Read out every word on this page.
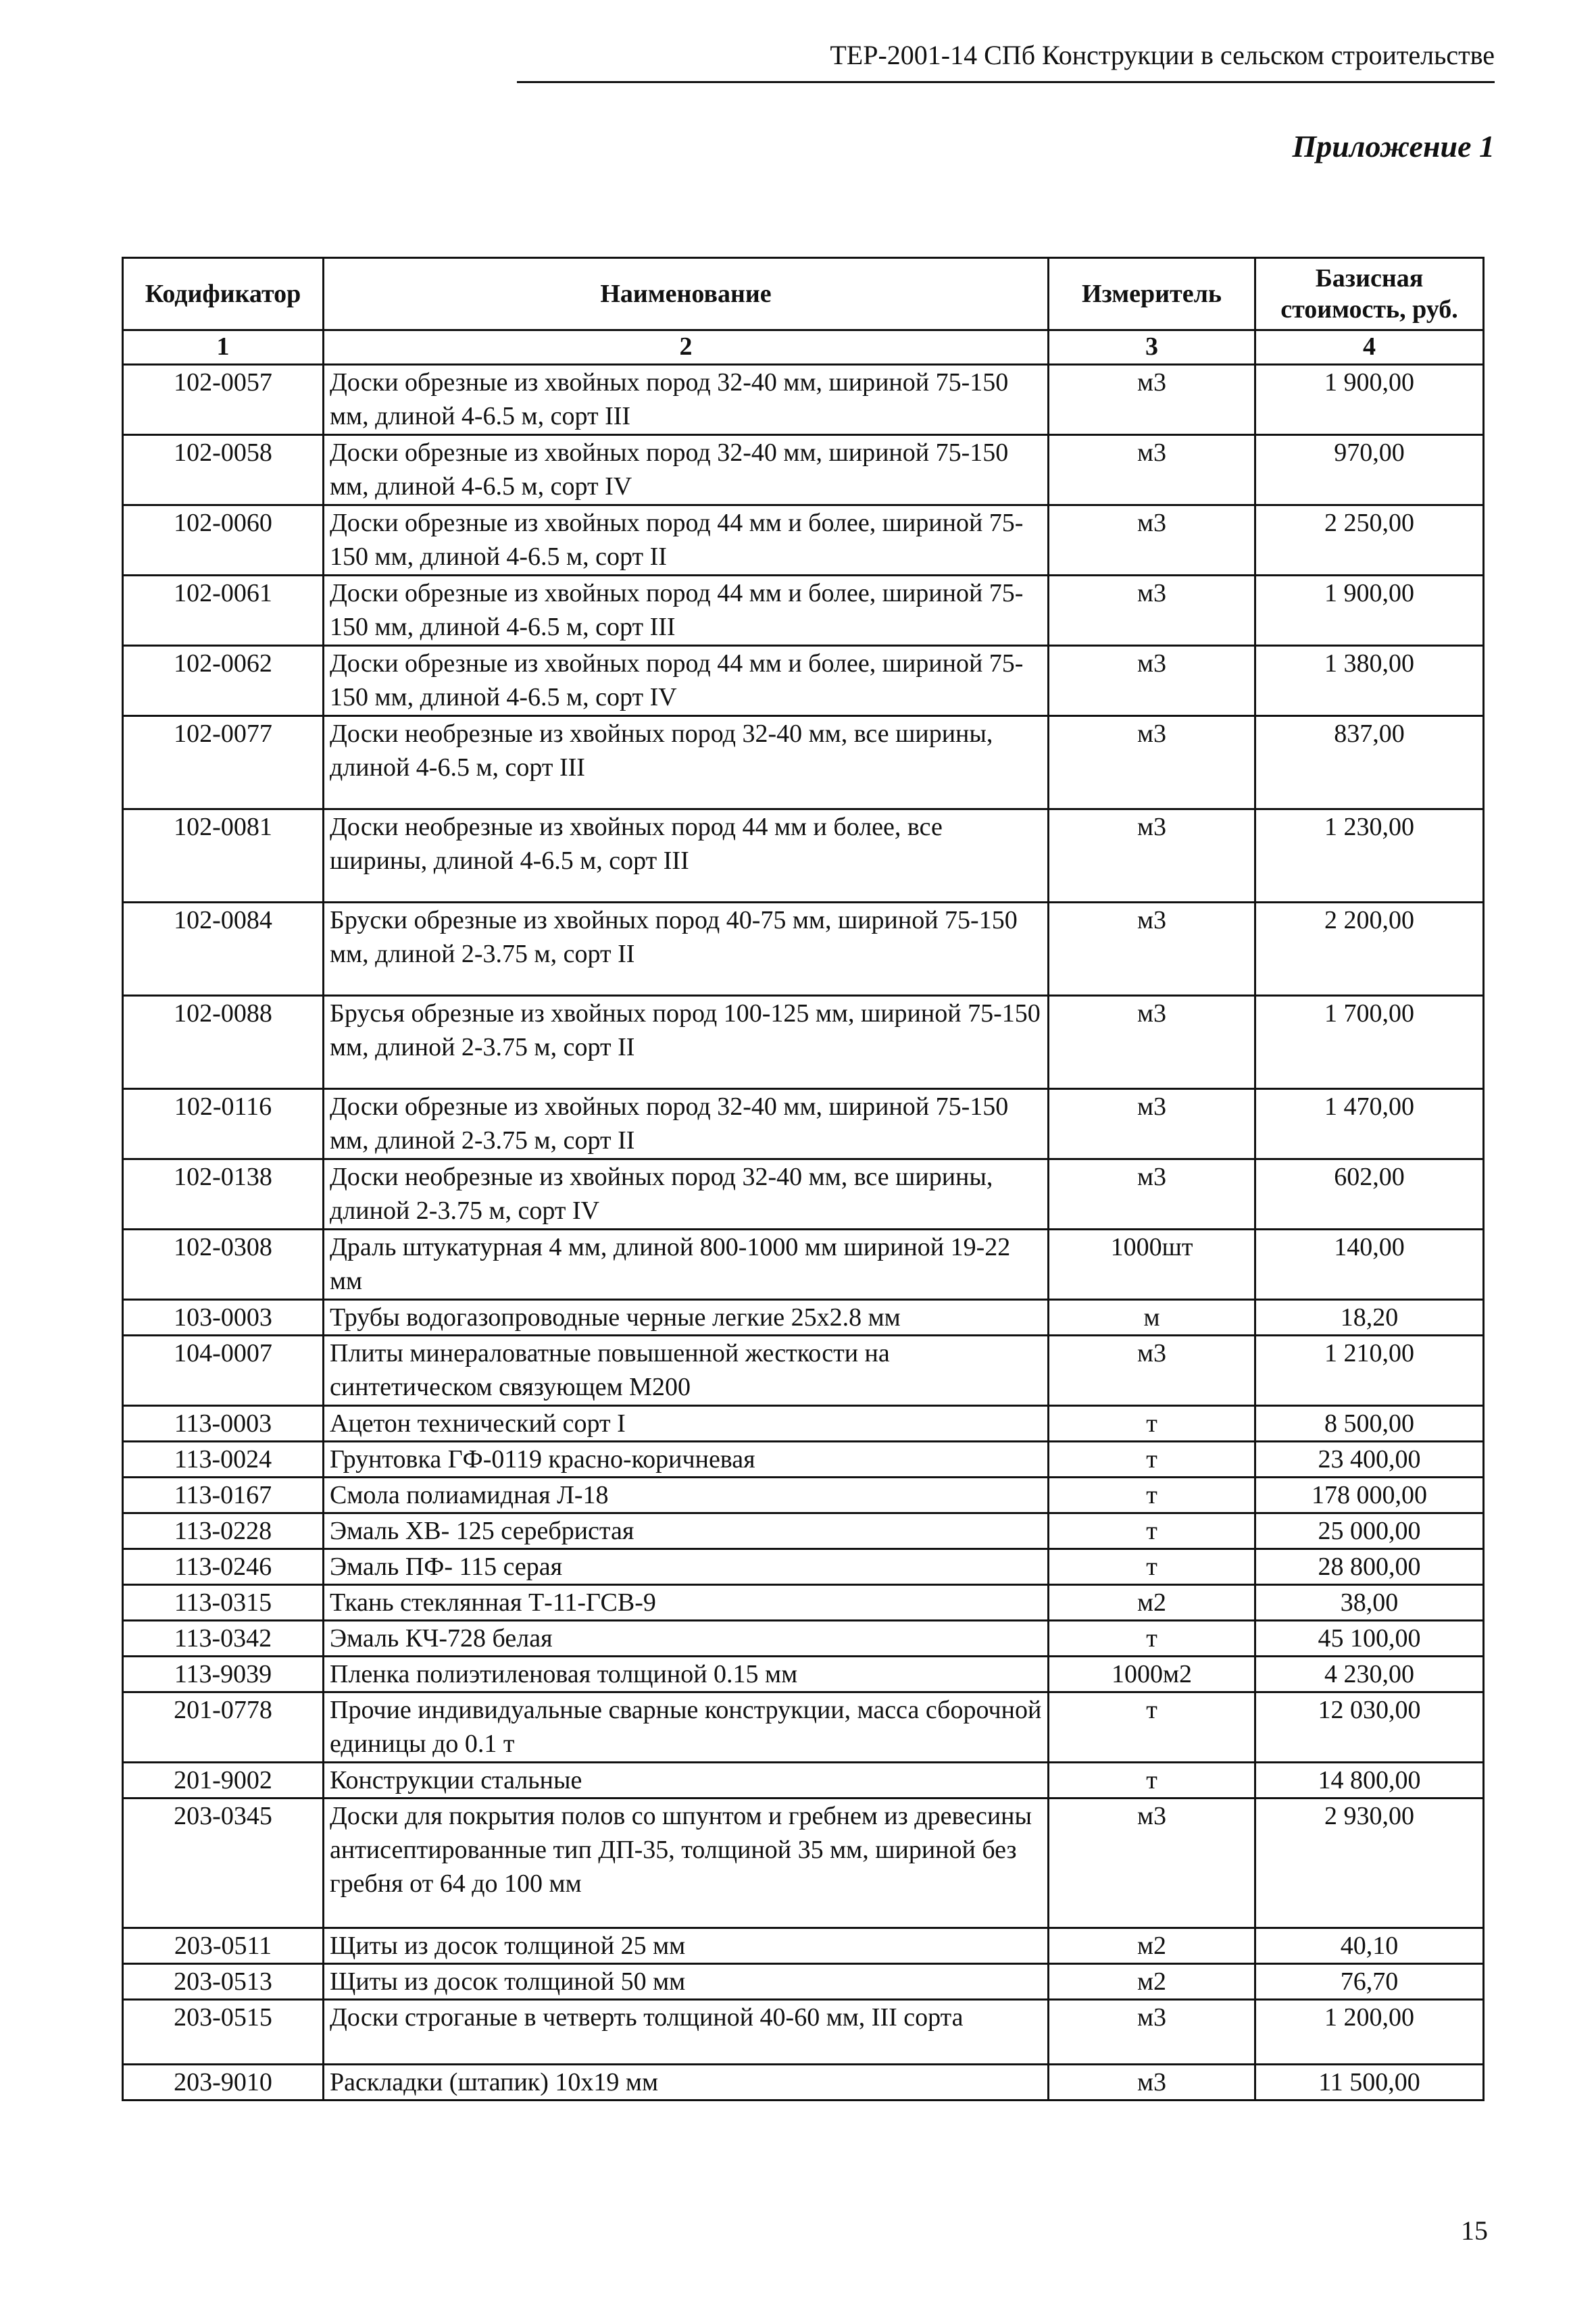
ТЕР-2001-14 СПб Конструкции в сельском строительстве
Приложение 1
Кодификатор	Наименование	Измеритель	Базисная стоимость, руб.
1	2	3	4
102-0057	Доски обрезные из хвойных пород 32-40 мм, шириной 75-150 мм, длиной 4-6.5 м, сорт III	м3	1 900,00
102-0058	Доски обрезные из хвойных пород 32-40 мм, шириной 75-150 мм, длиной 4-6.5 м, сорт IV	м3	970,00
102-0060	Доски обрезные из хвойных пород 44 мм и более, шириной 75-150 мм, длиной 4-6.5 м, сорт II	м3	2 250,00
102-0061	Доски обрезные из хвойных пород 44 мм и более, шириной 75-150 мм, длиной 4-6.5 м, сорт III	м3	1 900,00
102-0062	Доски обрезные из хвойных пород 44 мм и более, шириной 75-150 мм, длиной 4-6.5 м, сорт IV	м3	1 380,00
102-0077	Доски необрезные из хвойных пород 32-40 мм, все ширины, длиной 4-6.5 м, сорт III	м3	837,00
102-0081	Доски необрезные из хвойных пород 44 мм и более, все ширины, длиной 4-6.5 м, сорт III	м3	1 230,00
102-0084	Бруски обрезные из хвойных пород 40-75 мм, шириной 75-150 мм, длиной 2-3.75 м, сорт II	м3	2 200,00
102-0088	Брусья обрезные из хвойных пород 100-125 мм, шириной 75-150 мм, длиной 2-3.75 м, сорт II	м3	1 700,00
102-0116	Доски обрезные из хвойных пород 32-40 мм, шириной 75-150 мм, длиной 2-3.75 м, сорт II	м3	1 470,00
102-0138	Доски необрезные из хвойных пород 32-40 мм, все ширины, длиной 2-3.75 м, сорт IV	м3	602,00
102-0308	Драль штукатурная 4 мм, длиной 800-1000 мм шириной 19-22 мм	1000шт	140,00
103-0003	Трубы водогазопроводные черные легкие 25x2.8 мм	м	18,20
104-0007	Плиты минераловатные повышенной жесткости на синтетическом связующем М200	м3	1 210,00
113-0003	Ацетон технический сорт I	т	8 500,00
113-0024	Грунтовка ГФ-0119 красно-коричневая	т	23 400,00
113-0167	Смола полиамидная Л-18	т	178 000,00
113-0228	Эмаль ХВ- 125 серебристая	т	25 000,00
113-0246	Эмаль ПФ- 115 серая	т	28 800,00
113-0315	Ткань стеклянная Т-11-ГСВ-9	м2	38,00
113-0342	Эмаль КЧ-728 белая	т	45 100,00
113-9039	Пленка полиэтиленовая толщиной 0.15 мм	1000м2	4 230,00
201-0778	Прочие индивидуальные сварные конструкции, масса сборочной единицы до 0.1 т	т	12 030,00
201-9002	Конструкции стальные	т	14 800,00
203-0345	Доски для покрытия полов со шпунтом и гребнем из древесины антисептированные тип ДП-35, толщиной 35 мм, шириной без гребня от 64 до 100 мм	м3	2 930,00
203-0511	Щиты из досок толщиной 25 мм	м2	40,10
203-0513	Щиты из досок толщиной 50 мм	м2	76,70
203-0515	Доски строганые в четверть толщиной 40-60 мм, III сорта	м3	1 200,00
203-9010	Раскладки (штапик) 10x19 мм	м3	11 500,00
15
